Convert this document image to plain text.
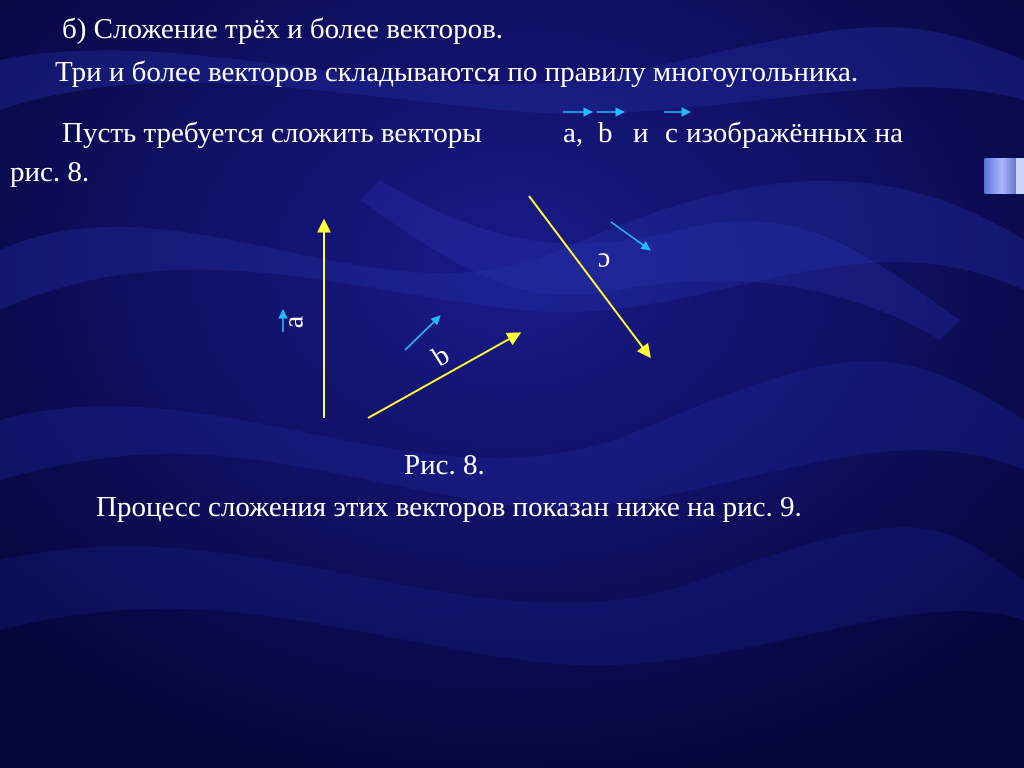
б) Сложение трёх и более векторов.
Три и более векторов складываются по правилу многоугольника.
Пусть требуется сложить векторы	a, b и c изображённых на
рис. 8.
Рис. 8.
Процесс сложения этих векторов показан ниже на рис. 9.
a
b
c
